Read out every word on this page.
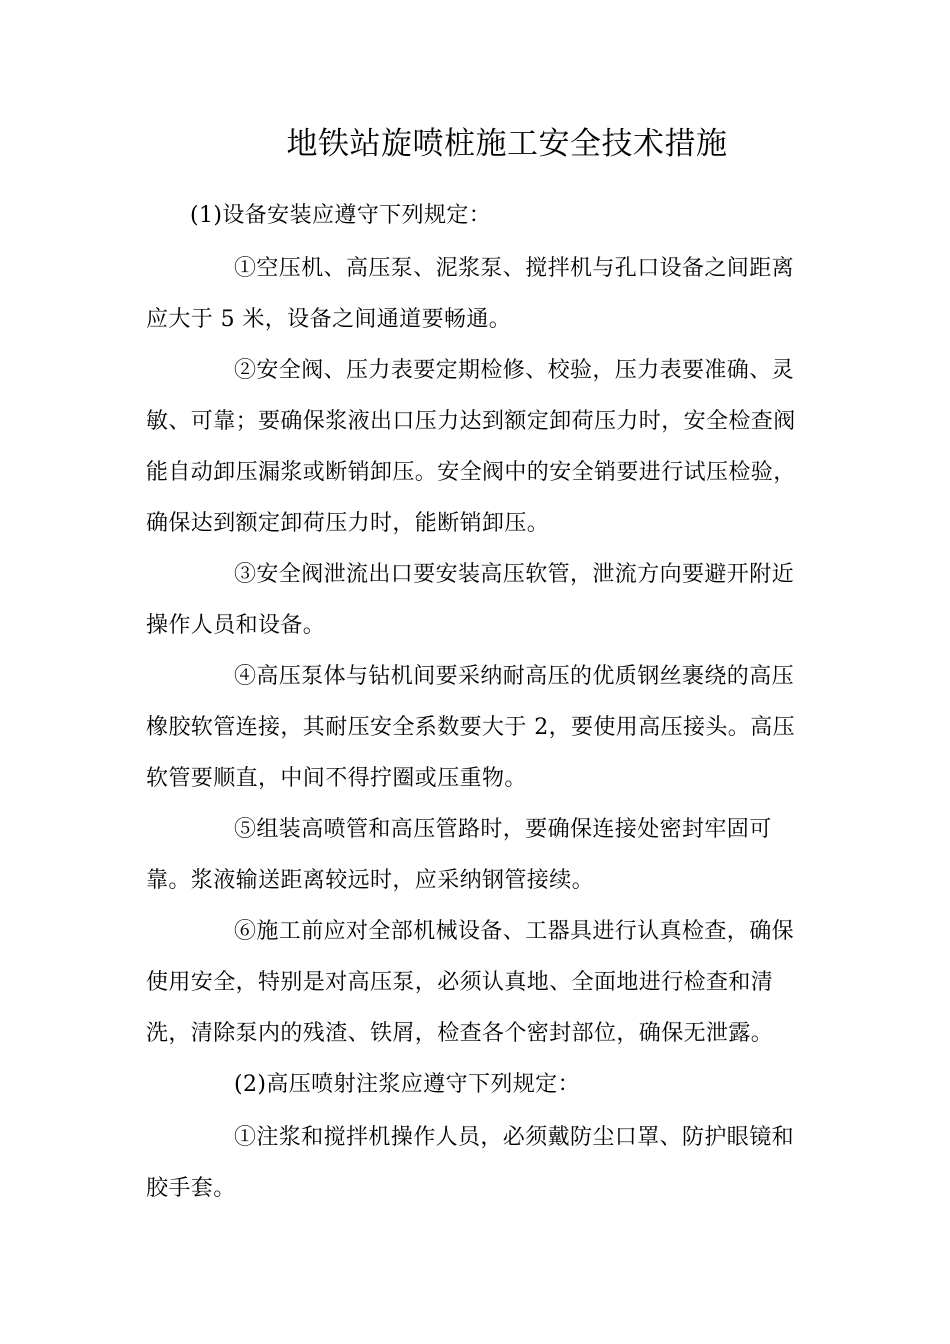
地铁站旋喷桩施工安全技术措施
(1)设备安装应遵守下列规定：
①空压机、高压泵、泥浆泵、搅拌机与孔口设备之间距离
应大于 5 米，设备之间通道要畅通。
②安全阀、压力表要定期检修、校验，压力表要准确、灵
敏、可靠；要确保浆液出口压力达到额定卸荷压力时，安全检查阀
能自动卸压漏浆或断销卸压。安全阀中的安全销要进行试压检验，
确保达到额定卸荷压力时，能断销卸压。
③安全阀泄流出口要安装高压软管，泄流方向要避开附近
操作人员和设备。
④高压泵体与钻机间要采纳耐高压的优质钢丝裹绕的高压
橡胶软管连接，其耐压安全系数要大于 2，要使用高压接头。高压
软管要顺直，中间不得拧圈或压重物。
⑤组装高喷管和高压管路时，要确保连接处密封牢固可
靠。浆液输送距离较远时，应采纳钢管接续。
⑥施工前应对全部机械设备、工器具进行认真检查，确保
使用安全，特别是对高压泵，必须认真地、全面地进行检查和清
洗，清除泵内的残渣、铁屑，检查各个密封部位，确保无泄露。
(2)高压喷射注浆应遵守下列规定：
①注浆和搅拌机操作人员，必须戴防尘口罩、防护眼镜和
胶手套。
